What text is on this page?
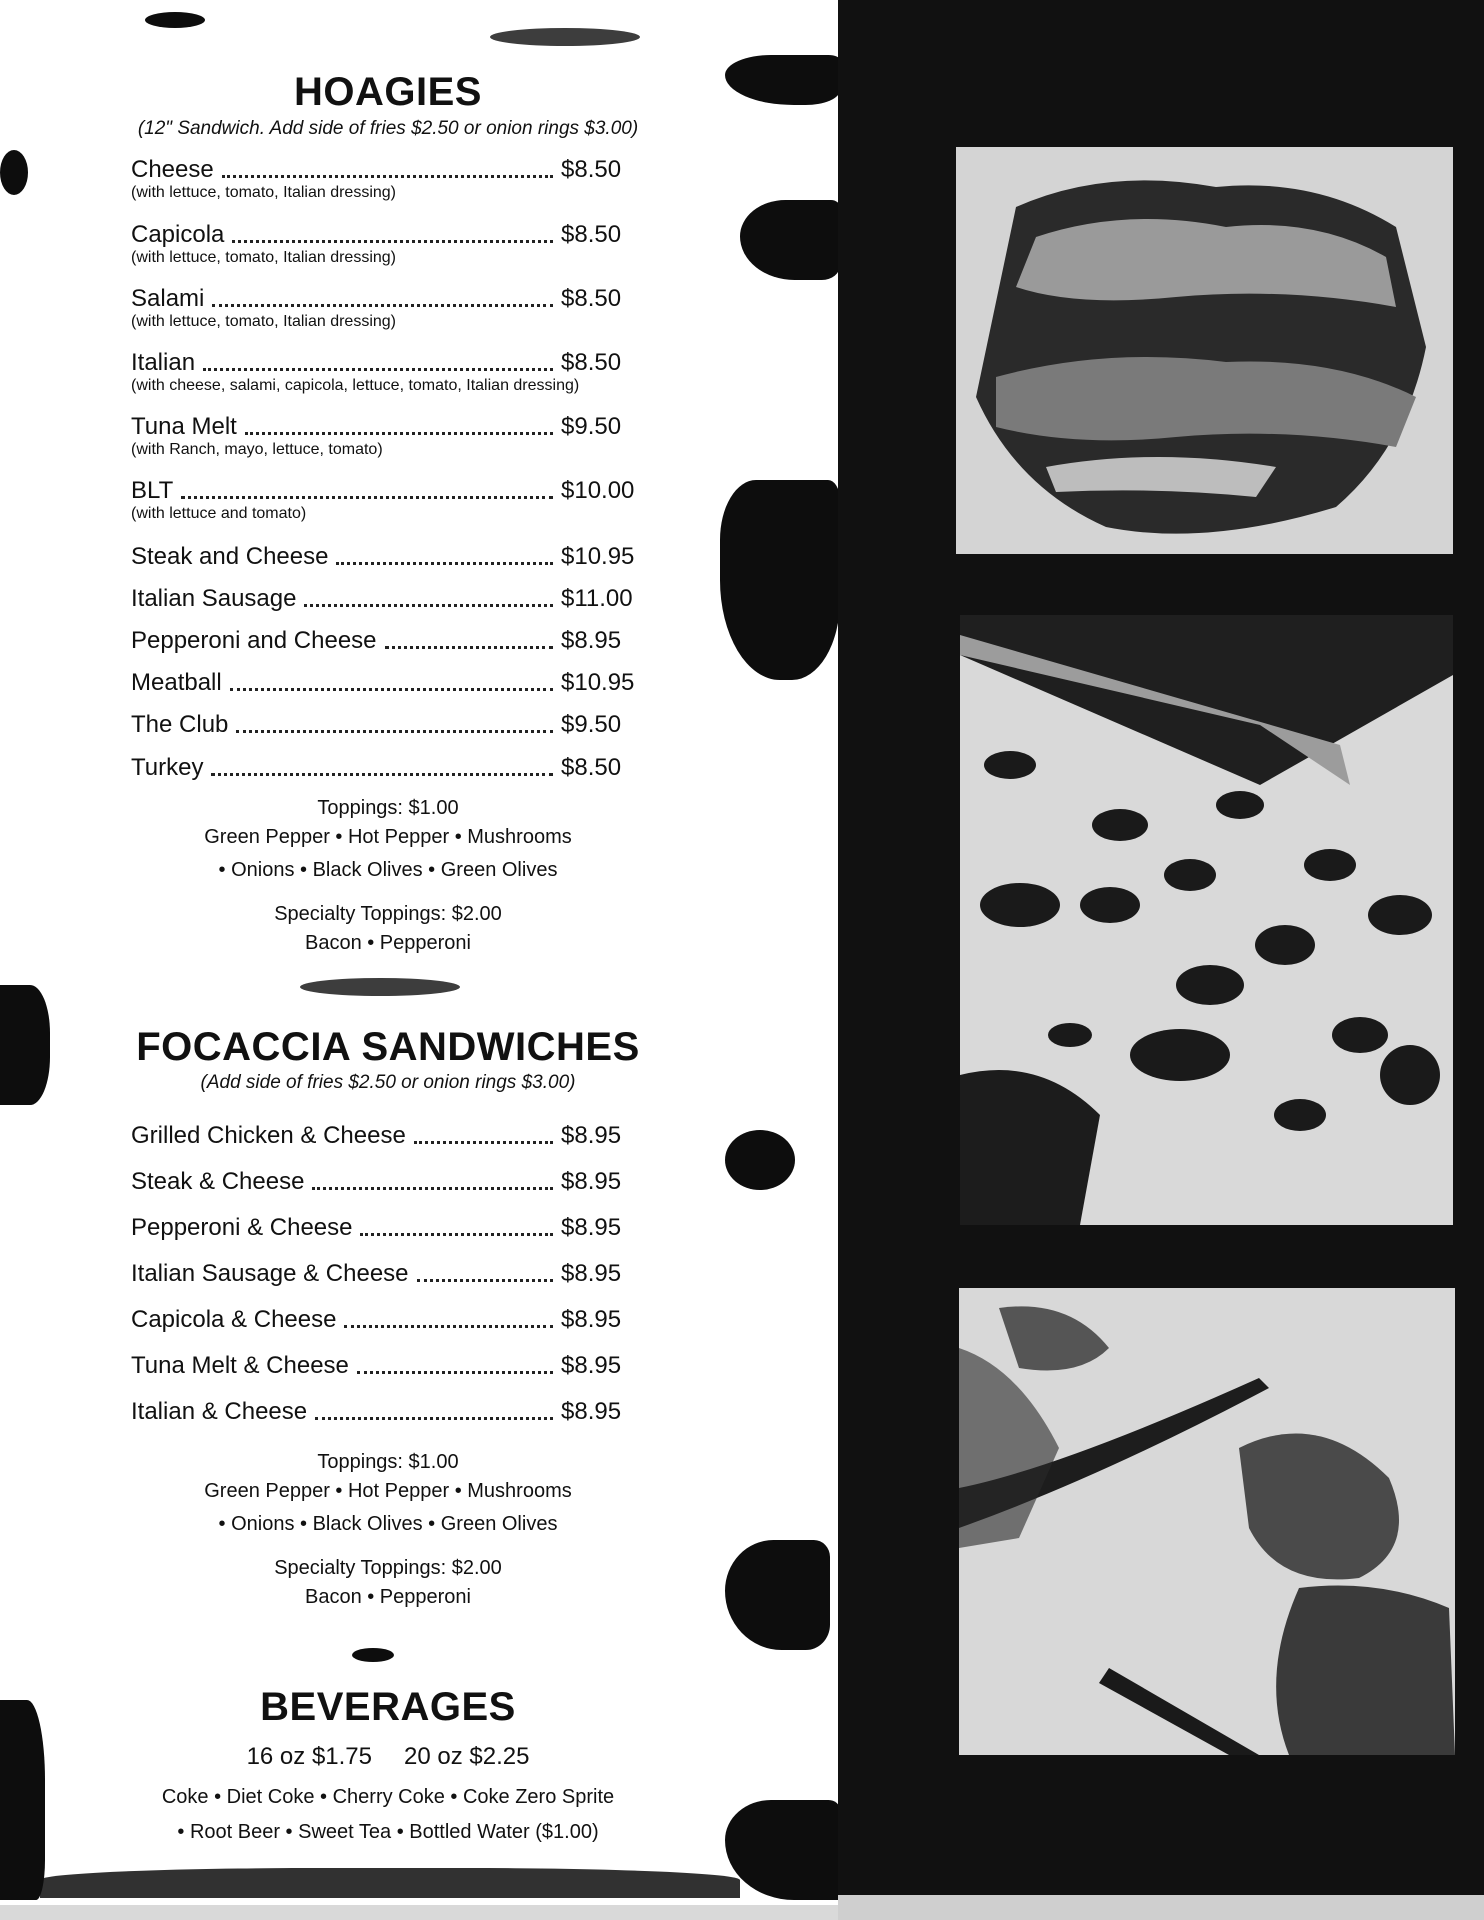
HOAGIES
(12" Sandwich. Add side of fries $2.50 or onion rings $3.00)
Cheese	$8.50
(with lettuce, tomato, Italian dressing)
Capicola	$8.50
(with lettuce, tomato, Italian dressing)
Salami	$8.50
(with lettuce, tomato, Italian dressing)
Italian	$8.50
(with cheese, salami, capicola, lettuce, tomato, Italian dressing)
Tuna Melt	$9.50
(with Ranch, mayo, lettuce, tomato)
BLT	$10.00
(with lettuce and tomato)
Steak and Cheese	$10.95
Italian Sausage	$11.00
Pepperoni and Cheese	$8.95
Meatball	$10.95
The Club	$9.50
Turkey	$8.50
Toppings: $1.00
Green Pepper • Hot Pepper • Mushrooms
• Onions • Black Olives • Green Olives
Specialty Toppings: $2.00
Bacon • Pepperoni
FOCACCIA SANDWICHES
(Add side of fries $2.50 or onion rings $3.00)
Grilled Chicken & Cheese	$8.95
Steak & Cheese	$8.95
Pepperoni & Cheese	$8.95
Italian Sausage & Cheese	$8.95
Capicola & Cheese	$8.95
Tuna Melt & Cheese	$8.95
Italian & Cheese	$8.95
Toppings: $1.00
Green Pepper • Hot Pepper • Mushrooms
• Onions • Black Olives • Green Olives
Specialty Toppings: $2.00
Bacon • Pepperoni
BEVERAGES
16 oz $1.75 20 oz $2.25
Coke • Diet Coke • Cherry Coke • Coke Zero Sprite
• Root Beer • Sweet Tea • Bottled Water ($1.00)
